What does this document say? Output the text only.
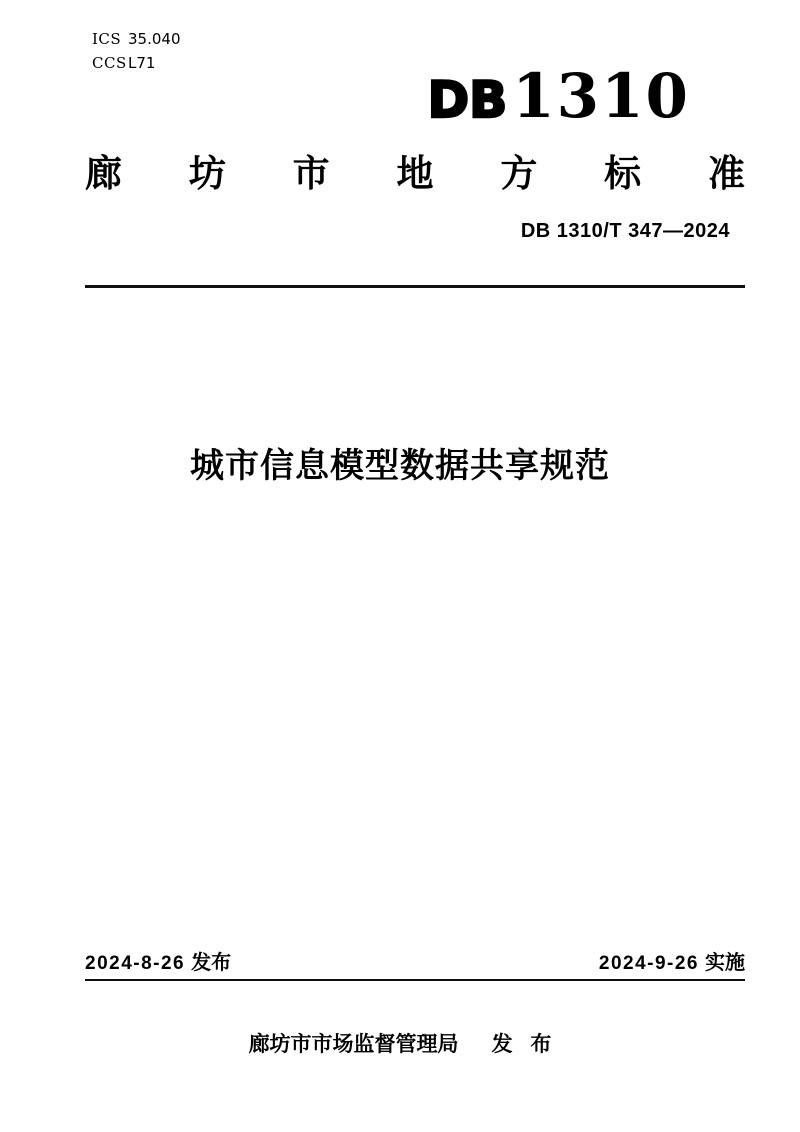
ICS 35.040
CCS L71
DB 1310
廊 坊 市 地 方 标 准
DB 1310/T 347—2024
城市信息模型数据共享规范
2024-8-26 发布	2024-9-26 实施
廊坊市市场监督管理局 发布
